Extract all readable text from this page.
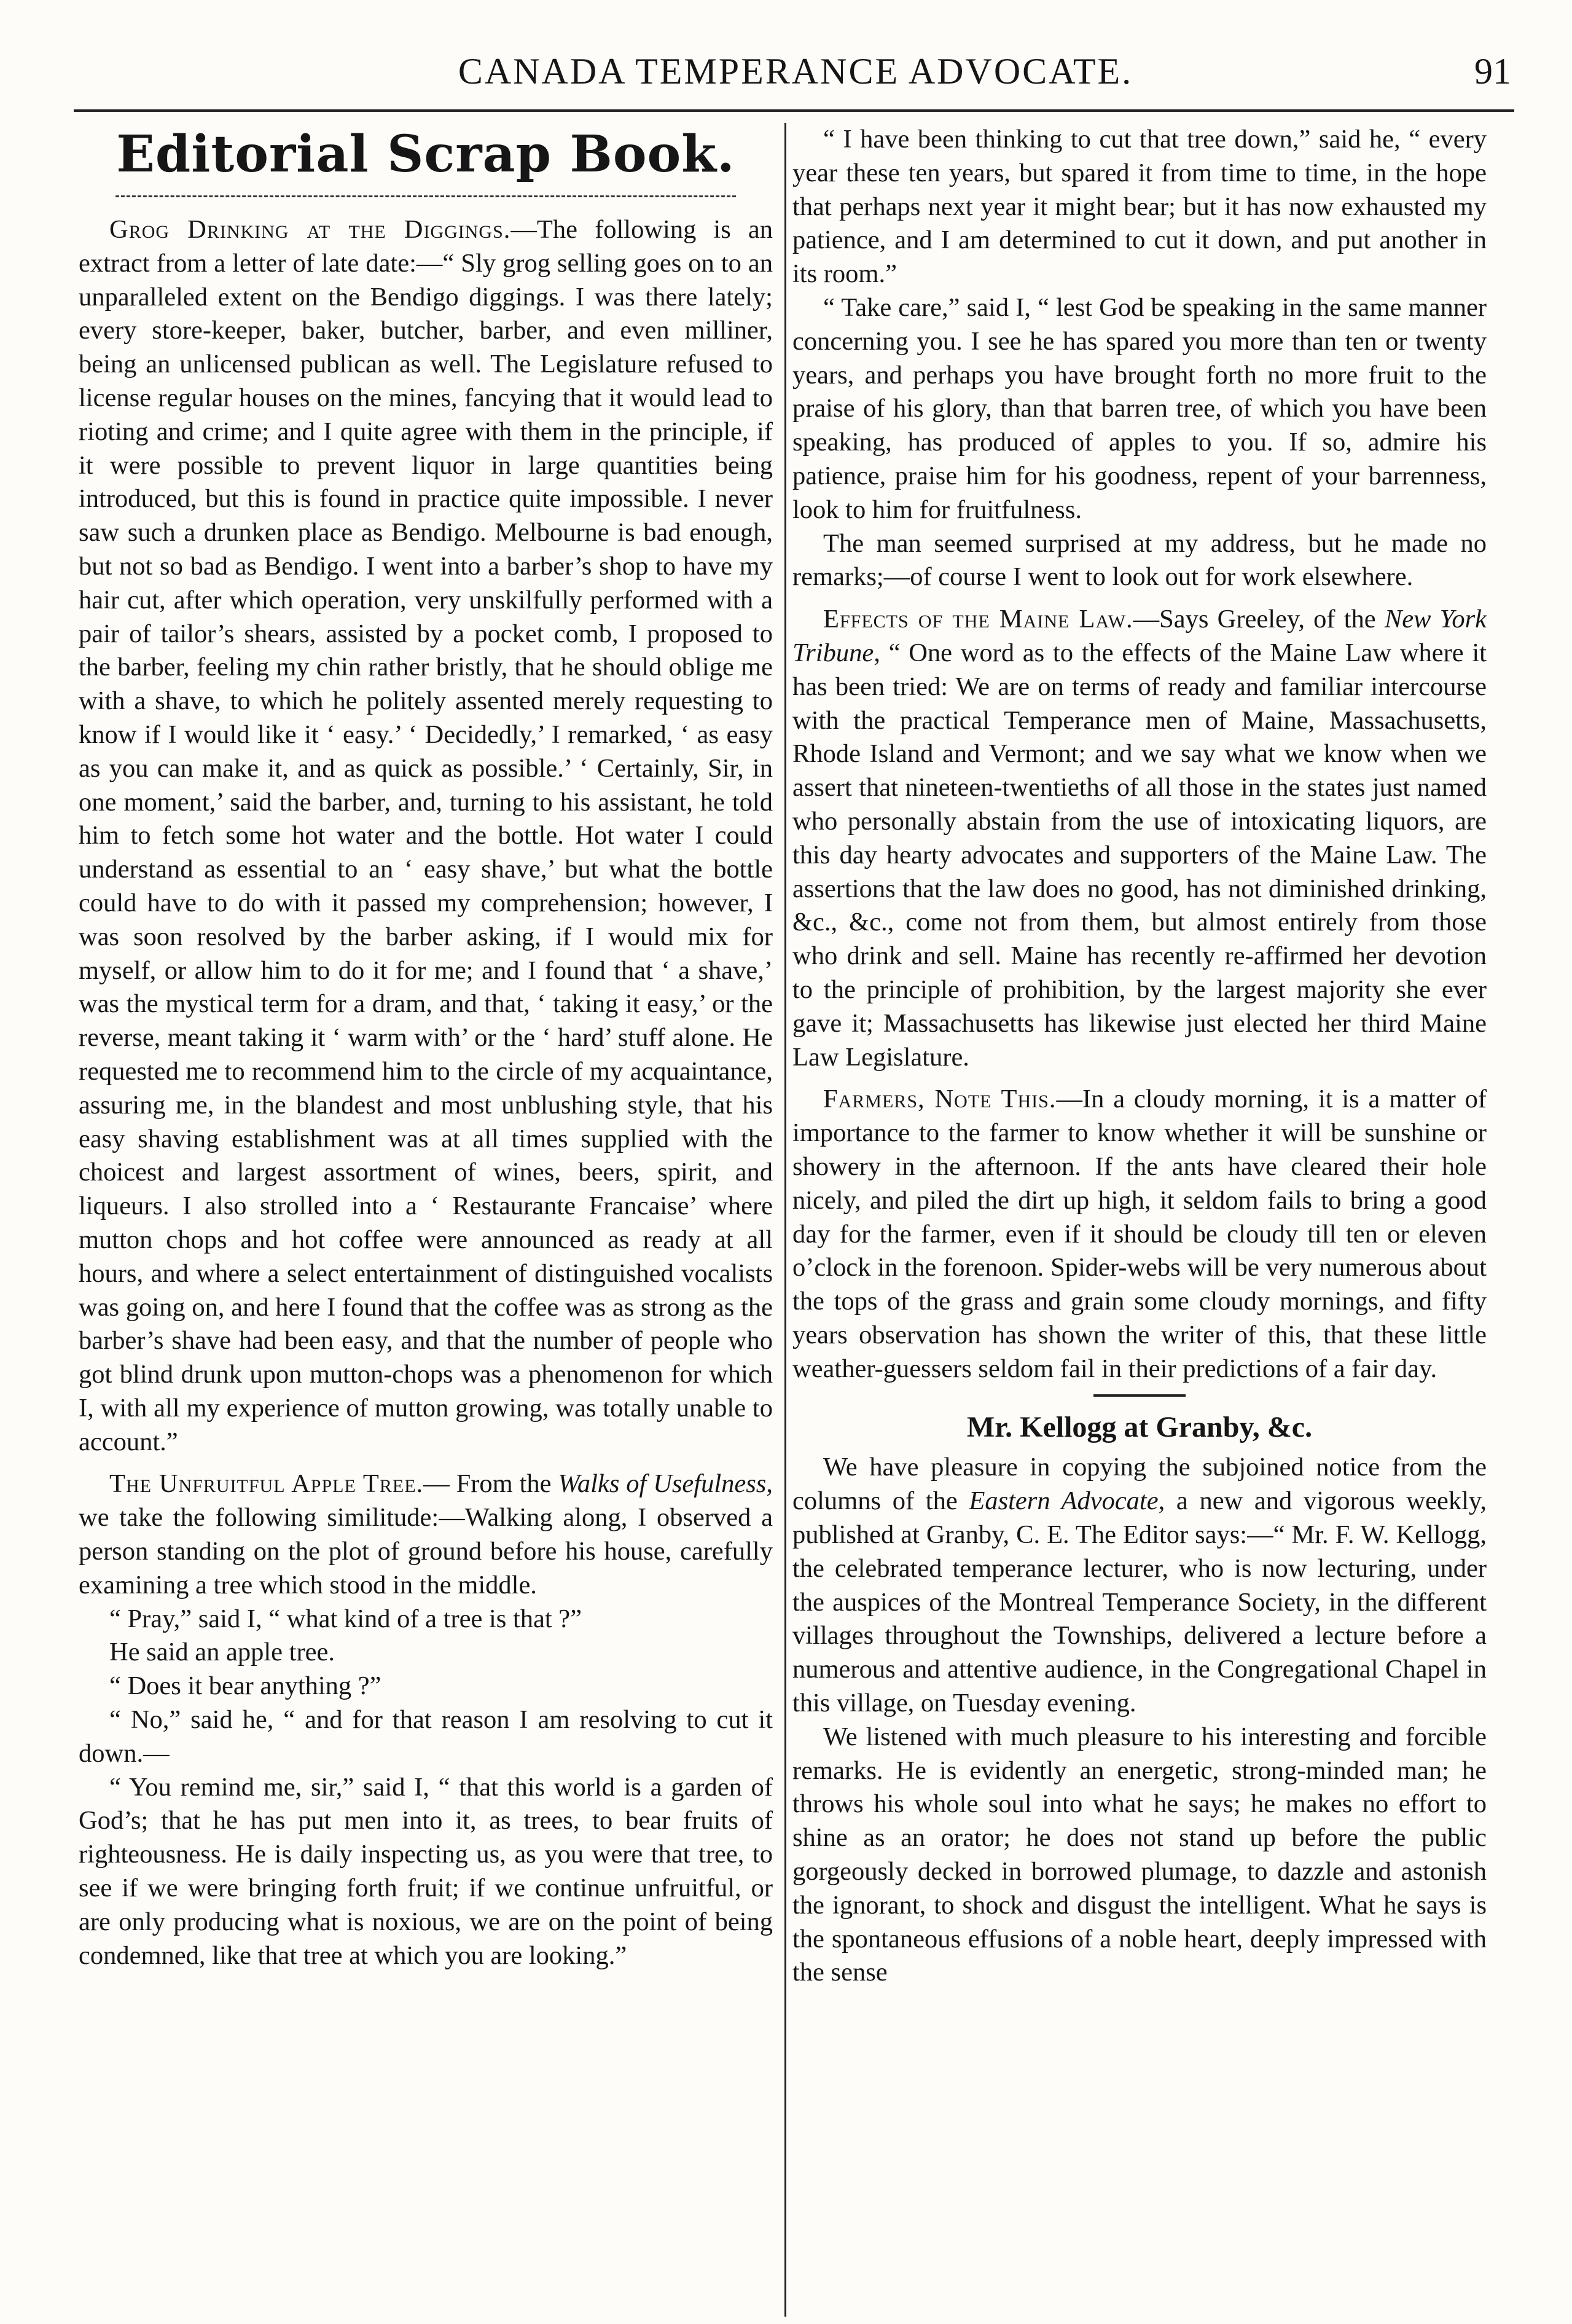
CANADA TEMPERANCE ADVOCATE.	91
Editorial Scrap Book.

Grog Drinking at the Diggings.—The following is an extract from a letter of late date:—“ Sly grog selling goes on to an unparalleled extent on the Bendigo diggings. I was there lately; every store-keeper, baker, butcher, barber, and even milliner, being an unlicensed publican as well. The Legislature refused to license regular houses on the mines, fancying that it would lead to rioting and crime; and I quite agree with them in the principle, if it were possible to prevent liquor in large quantities being introduced, but this is found in practice quite impossible. I never saw such a drunken place as Bendigo. Melbourne is bad enough, but not so bad as Bendigo. I went into a barber’s shop to have my hair cut, after which operation, very unskilfully performed with a pair of tailor’s shears, assisted by a pocket comb, I proposed to the barber, feeling my chin rather bristly, that he should oblige me with a shave, to which he politely assented merely requesting to know if I would like it ‘ easy.’ ‘ Decidedly,’ I remarked, ‘ as easy as you can make it, and as quick as possible.’ ‘ Certainly, Sir, in one moment,’ said the barber, and, turning to his assistant, he told him to fetch some hot water and the bottle. Hot water I could understand as essential to an ‘ easy shave,’ but what the bottle could have to do with it passed my comprehension; however, I was soon resolved by the barber asking, if I would mix for myself, or allow him to do it for me; and I found that ‘ a shave,’ was the mystical term for a dram, and that, ‘ taking it easy,’ or the reverse, meant taking it ‘ warm with’ or the ‘ hard’ stuff alone. He requested me to recommend him to the circle of my acquaintance, assuring me, in the blandest and most unblushing style, that his easy shaving establishment was at all times supplied with the choicest and largest assortment of wines, beers, spirit, and liqueurs. I also strolled into a ‘ Restaurante Francaise’ where mutton chops and hot coffee were announced as ready at all hours, and where a select entertainment of distinguished vocalists was going on, and here I found that the coffee was as strong as the barber’s shave had been easy, and that the number of people who got blind drunk upon mutton-chops was a phenomenon for which I, with all my experience of mutton growing, was totally unable to account.”

The Unfruitful Apple Tree.— From the Walks of Usefulness, we take the following similitude:—Walking along, I observed a person standing on the plot of ground before his house, carefully examining a tree which stood in the middle.

“ Pray,” said I, “ what kind of a tree is that ?”

He said an apple tree.

“ Does it bear anything ?”

“ No,” said he, “ and for that reason I am resolving to cut it down.—

“ You remind me, sir,” said I, “ that this world is a garden of God’s; that he has put men into it, as trees, to bear fruits of righteousness. He is daily inspecting us, as you were that tree, to see if we were bringing forth fruit; if we continue unfruitful, or are only producing what is noxious, we are on the point of being condemned, like that tree at which you are looking.”

“ I have been thinking to cut that tree down,” said he, “ every year these ten years, but spared it from time to time, in the hope that perhaps next year it might bear; but it has now exhausted my patience, and I am determined to cut it down, and put another in its room.”

“ Take care,” said I, “ lest God be speaking in the same manner concerning you. I see he has spared you more than ten or twenty years, and perhaps you have brought forth no more fruit to the praise of his glory, than that barren tree, of which you have been speaking, has produced of apples to you. If so, admire his patience, praise him for his goodness, repent of your barrenness, look to him for fruitfulness.

The man seemed surprised at my address, but he made no remarks;—of course I went to look out for work elsewhere.

Effects of the Maine Law.—Says Greeley, of the New York Tribune, “ One word as to the effects of the Maine Law where it has been tried: We are on terms of ready and familiar intercourse with the practical Temperance men of Maine, Massachusetts, Rhode Island and Vermont; and we say what we know when we assert that nineteen-twentieths of all those in the states just named who personally abstain from the use of intoxicating liquors, are this day hearty advocates and supporters of the Maine Law. The assertions that the law does no good, has not diminished drinking, &c., &c., come not from them, but almost entirely from those who drink and sell. Maine has recently re-affirmed her devotion to the principle of prohibition, by the largest majority she ever gave it; Massachusetts has likewise just elected her third Maine Law Legislature.

Farmers, Note This.—In a cloudy morning, it is a matter of importance to the farmer to know whether it will be sunshine or showery in the afternoon. If the ants have cleared their hole nicely, and piled the dirt up high, it seldom fails to bring a good day for the farmer, even if it should be cloudy till ten or eleven o’clock in the forenoon. Spider-webs will be very numerous about the tops of the grass and grain some cloudy mornings, and fifty years observation has shown the writer of this, that these little weather-guessers seldom fail in their predictions of a fair day.

Mr. Kellogg at Granby, &c.

We have pleasure in copying the subjoined notice from the columns of the Eastern Advocate, a new and vigorous weekly, published at Granby, C. E. The Editor says:—“ Mr. F. W. Kellogg, the celebrated temperance lecturer, who is now lecturing, under the auspices of the Montreal Temperance Society, in the different villages throughout the Townships, delivered a lecture before a numerous and attentive audience, in the Congregational Chapel in this village, on Tuesday evening.

We listened with much pleasure to his interesting and forcible remarks. He is evidently an energetic, strong-minded man; he throws his whole soul into what he says; he makes no effort to shine as an orator; he does not stand up before the public gorgeously decked in borrowed plumage, to dazzle and astonish the ignorant, to shock and disgust the intelligent. What he says is the spontaneous effusions of a noble heart, deeply impressed with the sense
